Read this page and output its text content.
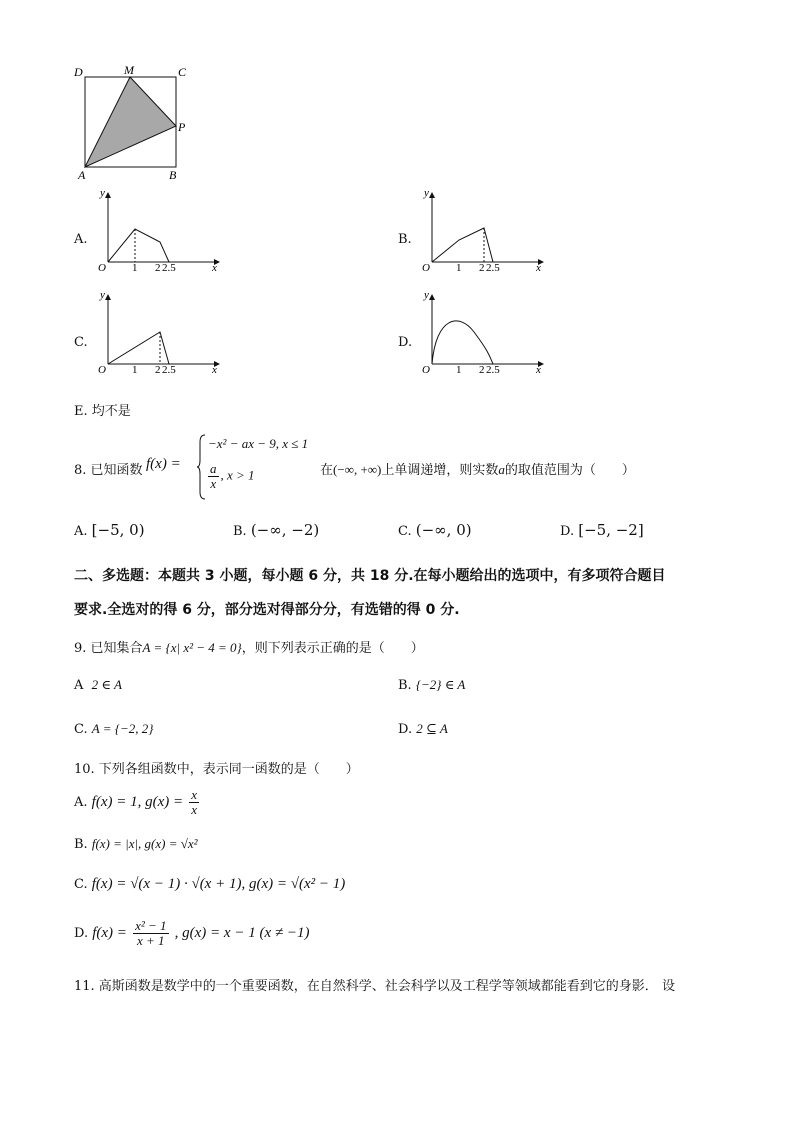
D	M	C
P
A	B
A.
y
O	x
1 2 2.5
B.
y
O	x
1 2 2.5
C.
y
O	x
1 2 2.5
D.
y
O	x
1 2 2.5
E. 均不是
8. 已知函数 f(x) =
−x² − ax − 9, x ≤ 1
$\frac{a}{x}$ , x > 1	在(−∞, +∞)上单调递增，则实数a的取值范围为（　　）
A. [−5, 0)	B. (−∞, −2)	C. (−∞, 0)	D. [−5, −2]
二、多选题：本题共 3 小题，每小题 6 分，共 18 分.在每小题给出的选项中，有多项符合题目
要求.全选对的得 6 分，部分选对得部分分，有选错的得 0 分.
9. 已知集合A = {x| x² − 4 = 0}，则下列表示正确的是（　　）
A 2 ∈ A	B. {−2} ∈ A
C. A = {−2, 2}	D. 2 ⊆ A
10. 下列各组函数中，表示同一函数的是（　　）
A. f(x) = 1, $g(x) = \frac{x}{x}$
B. f(x) = |x|, g(x) = √x²
C. f(x) = √(x − 1) · √(x + 1), g(x) = √(x² − 1)
D. $f(x) = \frac{\text{x² − 1}}{x + 1}$ , g(x) = x − 1 (x ≠ −1)
11. 高斯函数是数学中的一个重要函数，在自然科学、社会科学以及工程学等领域都能看到它的身影． 设
